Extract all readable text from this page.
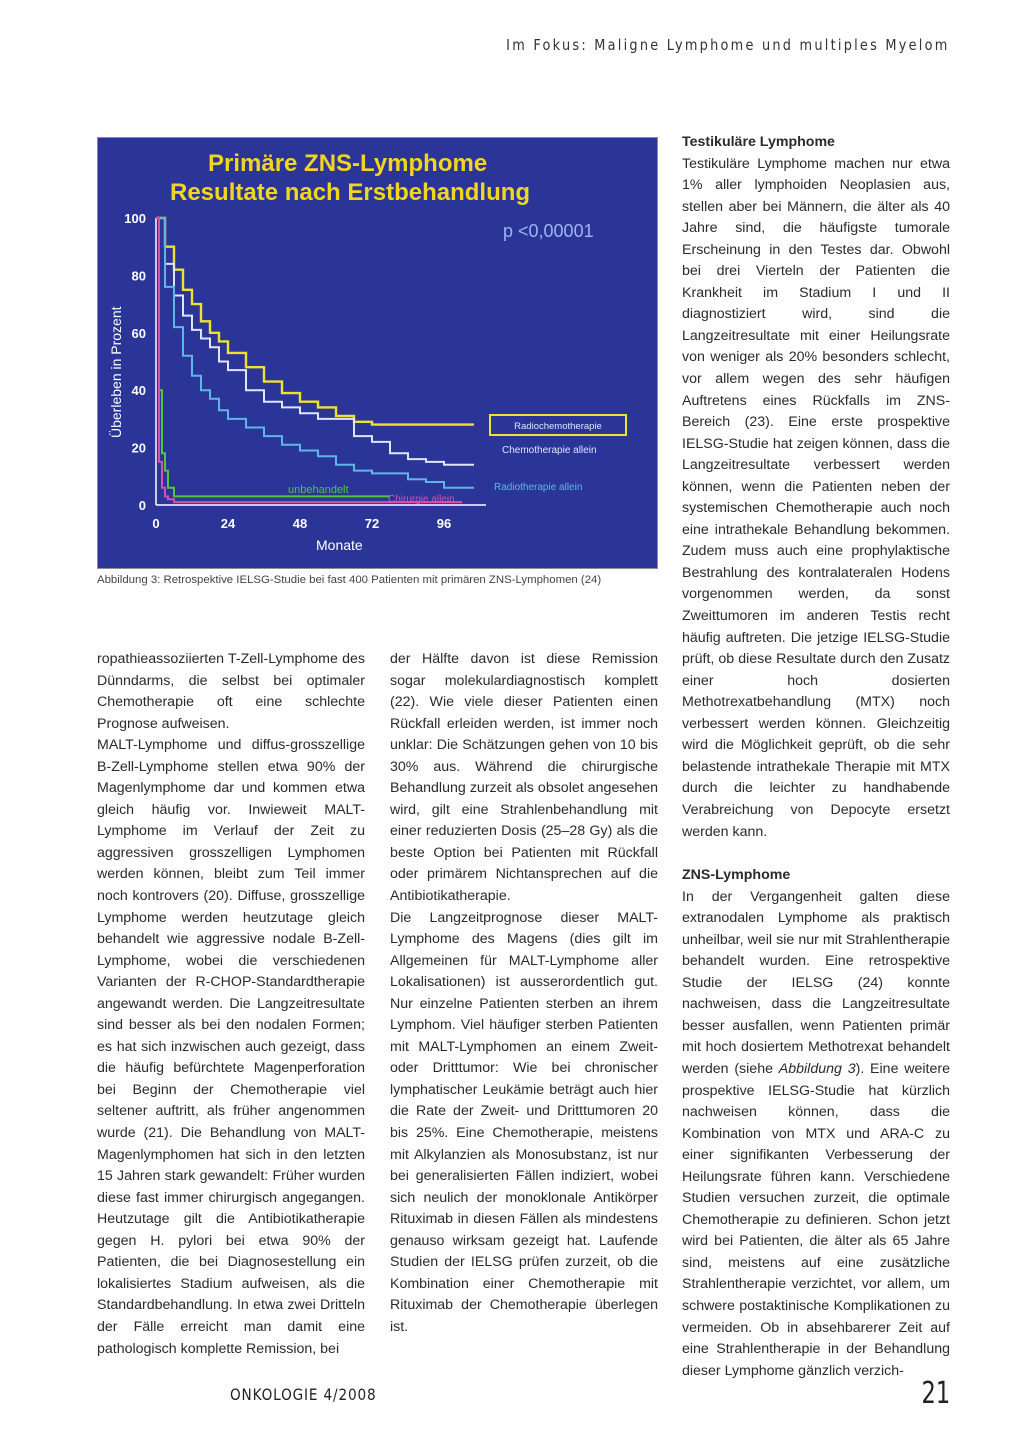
Im Fokus: Maligne Lymphome und multiples Myelom
Primäre ZNS-Lymphome
Resultate nach Erstbehandlung
p <0,00001
Überleben in Prozent
Monate
0
20
40
60
80
100
0	24	48	72	96
Radiochemotherapie
Chemotherapie allein
Radiotherapie allein
unbehandelt
Chirurgie allein
Abbildung 3: Retrospektive IELSG-Studie bei fast 400 Patienten mit primären ZNS-Lymphomen (24)

ropathieassoziierten T-Zell-Lymphome des Dünndarms, die selbst bei optimaler Chemotherapie oft eine schlechte Prognose aufweisen.

MALT-Lymphome und diffus-grosszellige B-Zell-Lymphome stellen etwa 90% der Magenlymphome dar und kommen etwa gleich häufig vor. Inwieweit MALT-Lymphome im Verlauf der Zeit zu aggressiven grosszelligen Lymphomen werden können, bleibt zum Teil immer noch kontrovers (20). Diffuse, grosszellige Lymphome werden heutzutage gleich behandelt wie aggressive nodale B-Zell-Lymphome, wobei die verschiedenen Varianten der R-CHOP-Standardtherapie angewandt werden. Die Langzeitresultate sind besser als bei den nodalen Formen; es hat sich inzwischen auch gezeigt, dass die häufig befürchtete Magenperforation bei Beginn der Chemotherapie viel seltener auftritt, als früher angenommen wurde (21). Die Behandlung von MALT-Magenlymphomen hat sich in den letzten 15 Jahren stark gewandelt: Früher wurden diese fast immer chirurgisch angegangen. Heutzutage gilt die Antibiotikatherapie gegen H. pylori bei etwa 90% der Patienten, die bei Diagnosestellung ein lokalisiertes Stadium aufweisen, als die Standardbehandlung. In etwa zwei Dritteln der Fälle erreicht man damit eine pathologisch komplette Remission, bei

der Hälfte davon ist diese Remission sogar molekulardiagnostisch komplett (22). Wie viele dieser Patienten einen Rückfall erleiden werden, ist immer noch unklar: Die Schätzungen gehen von 10 bis 30% aus. Während die chirurgische Behandlung zurzeit als obsolet angesehen wird, gilt eine Strahlenbehandlung mit einer reduzierten Dosis (25–28 Gy) als die beste Option bei Patienten mit Rückfall oder primärem Nichtansprechen auf die Antibiotikatherapie.

Die Langzeitprognose dieser MALT-Lymphome des Magens (dies gilt im Allgemeinen für MALT-Lymphome aller Lokalisationen) ist ausserordentlich gut. Nur einzelne Patienten sterben an ihrem Lymphom. Viel häufiger sterben Patienten mit MALT-Lymphomen an einem Zweit- oder Dritttumor: Wie bei chronischer lymphatischer Leukämie beträgt auch hier die Rate der Zweit- und Dritttumoren 20 bis 25%. Eine Chemotherapie, meistens mit Alkylanzien als Monosubstanz, ist nur bei generalisierten Fällen indiziert, wobei sich neulich der monoklonale Antikörper Rituximab in diesen Fällen als mindestens genauso wirksam gezeigt hat. Laufende Studien der IELSG prüfen zurzeit, ob die Kombination einer Chemotherapie mit Rituximab der Chemotherapie überlegen ist.

Testikuläre Lymphome

Testikuläre Lymphome machen nur etwa 1% aller lymphoiden Neoplasien aus, stellen aber bei Männern, die älter als 40 Jahre sind, die häufigste tumorale Erscheinung in den Testes dar. Obwohl bei drei Vierteln der Patienten die Krankheit im Stadium I und II diagnostiziert wird, sind die Langzeitresultate mit einer Heilungsrate von weniger als 20% besonders schlecht, vor allem wegen des sehr häufigen Auftretens eines Rückfalls im ZNS-Bereich (23). Eine erste prospektive IELSG-Studie hat zeigen können, dass die Langzeitresultate verbessert werden können, wenn die Patienten neben der systemischen Chemotherapie auch noch eine intrathekale Behandlung bekommen. Zudem muss auch eine prophylaktische Bestrahlung des kontralateralen Hodens vorgenommen werden, da sonst Zweittumoren im anderen Testis recht häufig auftreten. Die jetzige IELSG-Studie prüft, ob diese Resultate durch den Zusatz einer hoch dosierten Methotrexatbehandlung (MTX) noch verbessert werden können. Gleichzeitig wird die Möglichkeit geprüft, ob die sehr belastende intrathekale Therapie mit MTX durch die leichter zu handhabende Verabreichung von Depocyte ersetzt werden kann.

ZNS-Lymphome

In der Vergangenheit galten diese extranodalen Lymphome als praktisch unheilbar, weil sie nur mit Strahlentherapie behandelt wurden. Eine retrospektive Studie der IELSG (24) konnte nachweisen, dass die Langzeitresultate besser ausfallen, wenn Patienten primär mit hoch dosiertem Methotrexat behandelt werden (siehe Abbildung 3). Eine weitere prospektive IELSG-Studie hat kürzlich nachweisen können, dass die Kombination von MTX und ARA-C zu einer signifikanten Verbesserung der Heilungsrate führen kann. Verschiedene Studien versuchen zurzeit, die optimale Chemotherapie zu definieren. Schon jetzt wird bei Patienten, die älter als 65 Jahre sind, meistens auf eine zusätzliche Strahlentherapie verzichtet, vor allem, um schwere postaktinische Komplikationen zu vermeiden. Ob in absehbarerer Zeit auf eine Strahlentherapie in der Behandlung dieser Lymphome gänzlich verzich-

ONKOLOGIE 4/2008	21
